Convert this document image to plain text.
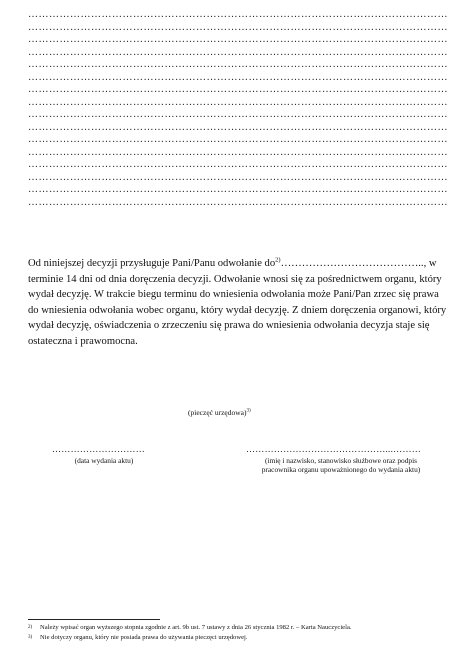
…………………………………………………………………………………………………………
…………………………………………………………………………………………………………
…………………………………………………………………………………………………………
…………………………………………………………………………………………………………
…………………………………………………………………………………………………………
…………………………………………………………………………………………………………
…………………………………………………………………………………………………………
…………………………………………………………………………………………………………
…………………………………………………………………………………………………………
…………………………………………………………………………………………………………
…………………………………………………………………………………………………………
…………………………………………………………………………………………………………
…………………………………………………………………………………………………………
…………………………………………………………………………………………………………
…………………………………………………………………………………………………………
…………………………………………………………………………………………………………
Od niniejszej decyzji przysługuje Pani/Panu odwołanie $do^{2)}\dots\dots\dots\dots\dots\dots\dots\dots\dots\dots\dots\dots\dots$.., w terminie 14 dni od dnia doręczenia decyzji. Odwołanie wnosi się za pośrednictwem organu, który wydał decyzję. W trakcie biegu terminu do wniesienia odwołania może Pani/Pan zrzec się prawa do wniesienia odwołania wobec organu, który wydał decyzję. Z dniem doręczenia organowi, który wydał decyzję, oświadczenia o zrzeczeniu się prawa do wniesienia odwołania decyzja staje się ostateczna i prawomocna.
(pieczęć urzędowa)$^{3)}$
…………………………
(data wydania aktu)
………………………………………...………
(imię i nazwisko, stanowisko służbowe oraz podpis
pracownika organu upoważnionego do wydania aktu)
2) Należy wpisać organ wyższego stopnia zgodnie z art. 9b ust. 7 ustawy z dnia 26 stycznia 1982 r. – Karta Nauczyciela.
3) Nie dotyczy organu, który nie posiada prawa do używania pieczęci urzędowej.
